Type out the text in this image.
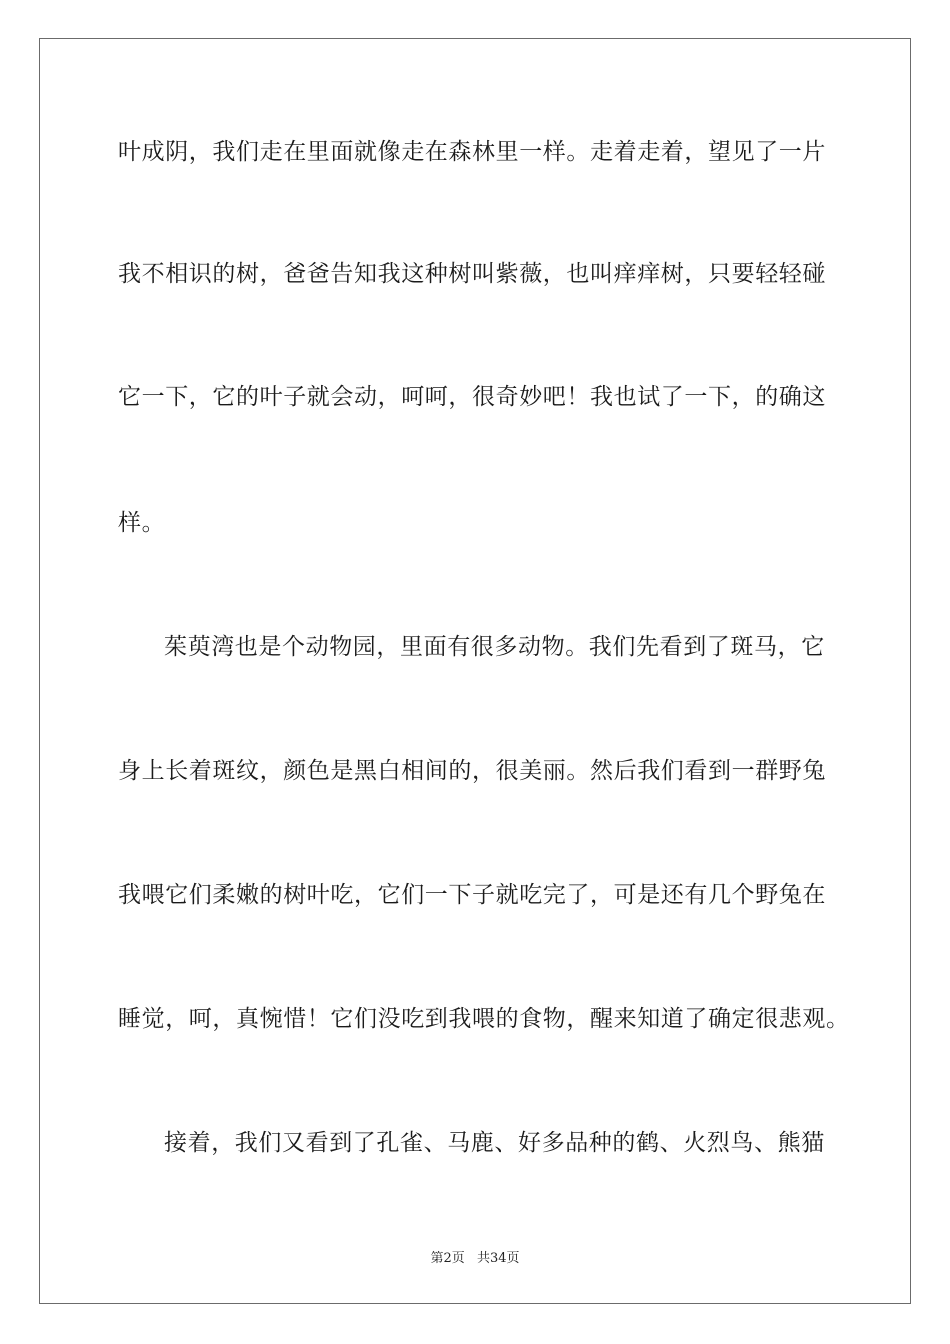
叶成阴，我们走在里面就像走在森林里一样。走着走着，望见了一片
我不相识的树，爸爸告知我这种树叫紫薇，也叫痒痒树，只要轻轻碰
它一下，它的叶子就会动，呵呵，很奇妙吧！我也试了一下，的确这
样。
茱萸湾也是个动物园，里面有很多动物。我们先看到了斑马，它
身上长着斑纹，颜色是黑白相间的，很美丽。然后我们看到一群野兔
我喂它们柔嫩的树叶吃，它们一下子就吃完了，可是还有几个野兔在
睡觉，呵，真惋惜！它们没吃到我喂的食物，醒来知道了确定很悲观。
接着，我们又看到了孔雀、马鹿、好多品种的鹤、火烈鸟、熊猫
第2页 共34页
